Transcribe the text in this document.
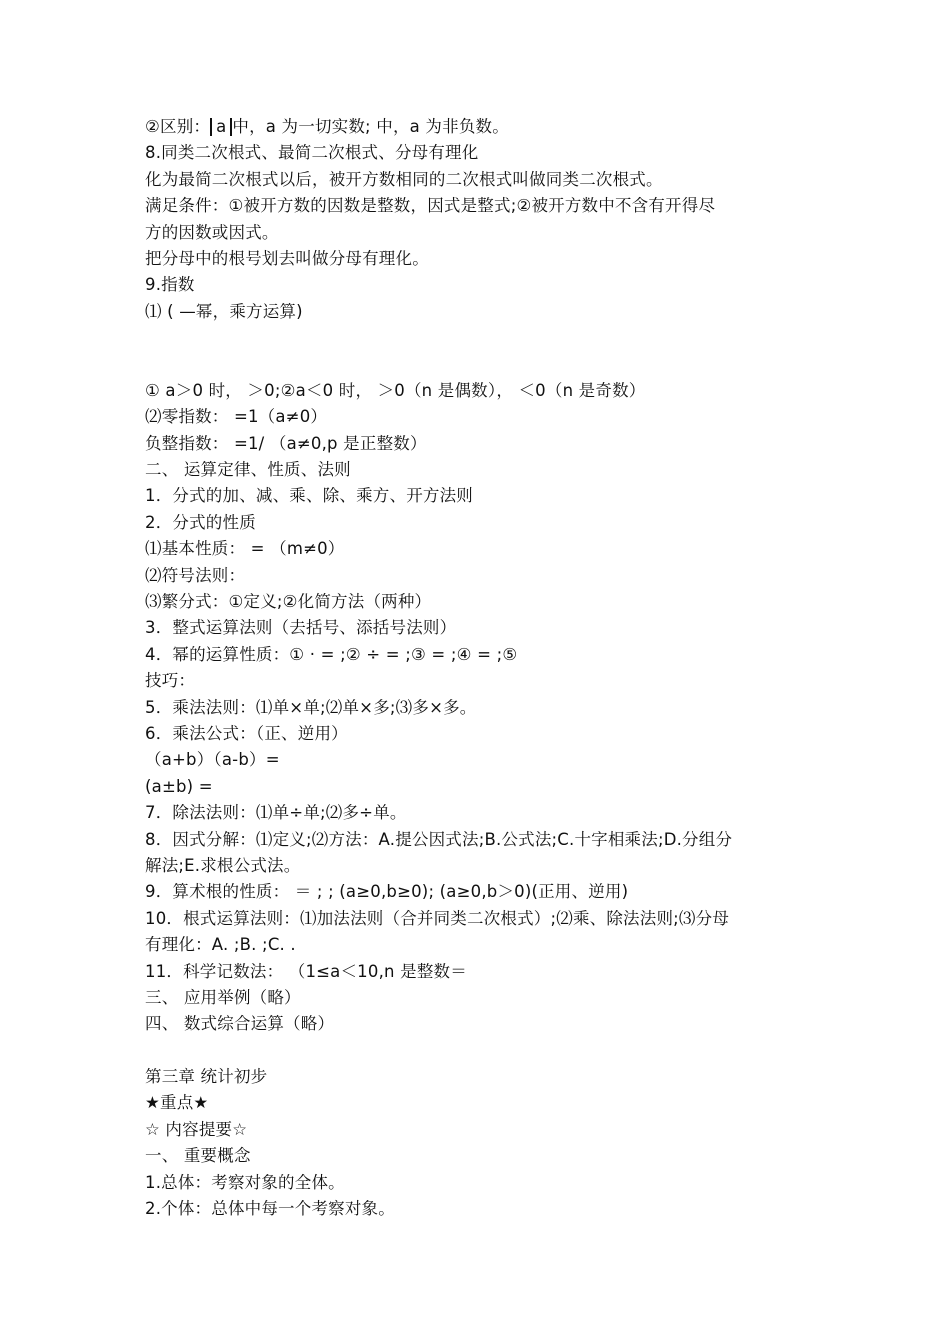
②区别： a 中，a 为一切实数; 中，a 为非负数。
8.同类二次根式、最简二次根式、分母有理化
化为最简二次根式以后，被开方数相同的二次根式叫做同类二次根式。
满足条件：①被开方数的因数是整数，因式是整式;②被开方数中不含有开得尽
方的因数或因式。
把分母中的根号划去叫做分母有理化。
9.指数
⑴ ( —幂，乘方运算)
① a＞0 时， ＞0;②a＜0 时， ＞0（n 是偶数）， ＜0（n 是奇数）
⑵零指数： =1（a≠0）
负整指数： =1/ （a≠0,p 是正整数）
二、 运算定律、性质、法则
1．分式的加、减、乘、除、乘方、开方法则
2．分式的性质
⑴基本性质： = （m≠0）
⑵符号法则：
⑶繁分式：①定义;②化简方法（两种）
3．整式运算法则（去括号、添括号法则）
4．幂的运算性质：① · = ;② ÷ = ;③ = ;④ = ;⑤
技巧：
5．乘法法则：⑴单×单;⑵单×多;⑶多×多。
6．乘法公式：（正、逆用）
（a+b）（a-b）=
(a±b) =
7．除法法则：⑴单÷单;⑵多÷单。
8．因式分解：⑴定义;⑵方法：A.提公因式法;B.公式法;C.十字相乘法;D.分组分
解法;E.求根公式法。
9．算术根的性质： ＝ ; ; (a≥0,b≥0); (a≥0,b＞0)(正用、逆用)
10．根式运算法则：⑴加法法则（合并同类二次根式）;⑵乘、除法法则;⑶分母
有理化：A. ;B. ;C. .
11．科学记数法： （1≤a＜10,n 是整数＝
三、 应用举例（略）
四、 数式综合运算（略）
第三章 统计初步
★重点★
☆ 内容提要☆
一、 重要概念
1.总体：考察对象的全体。
2.个体：总体中每一个考察对象。
